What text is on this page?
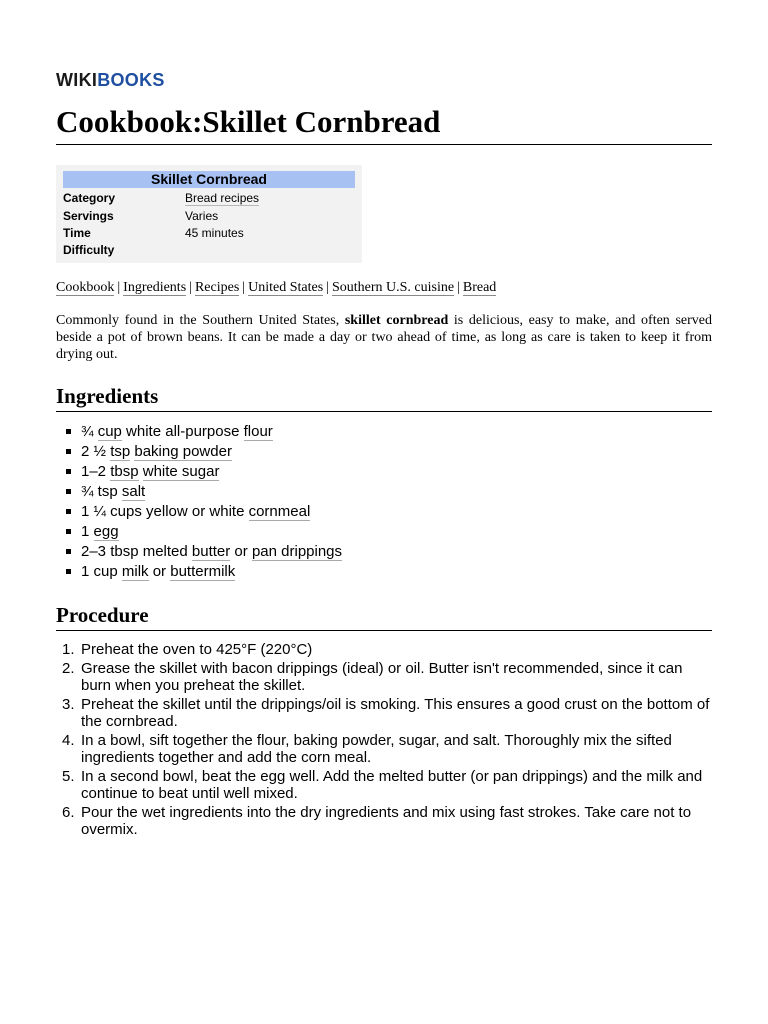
WIKIBOOKS
Cookbook:Skillet Cornbread
Skillet Cornbread
Category	Bread recipes
Servings	Varies
Time	45 minutes
Difficulty
Cookbook | Ingredients | Recipes | United States | Southern U.S. cuisine | Bread

Commonly found in the Southern United States, skillet cornbread is delicious, easy to make, and often served beside a pot of brown beans. It can be made a day or two ahead of time, as long as care is taken to keep it from drying out.

Ingredients
¾ cup white all-purpose flour
2 ½ tsp baking powder
1–2 tbsp white sugar
¾ tsp salt
1 ¼ cups yellow or white cornmeal
1 egg
2–3 tbsp melted butter or pan drippings
1 cup milk or buttermilk
Procedure
1. Preheat the oven to 425°F (220°C)
2. Grease the skillet with bacon drippings (ideal) or oil. Butter isn't recommended, since it can burn when you preheat the skillet.
3. Preheat the skillet until the drippings/oil is smoking. This ensures a good crust on the bottom of the cornbread.
4. In a bowl, sift together the flour, baking powder, sugar, and salt. Thoroughly mix the sifted ingredients together and add the corn meal.
5. In a second bowl, beat the egg well. Add the melted butter (or pan drippings) and the milk and continue to beat until well mixed.
6. Pour the wet ingredients into the dry ingredients and mix using fast strokes. Take care not to overmix.
